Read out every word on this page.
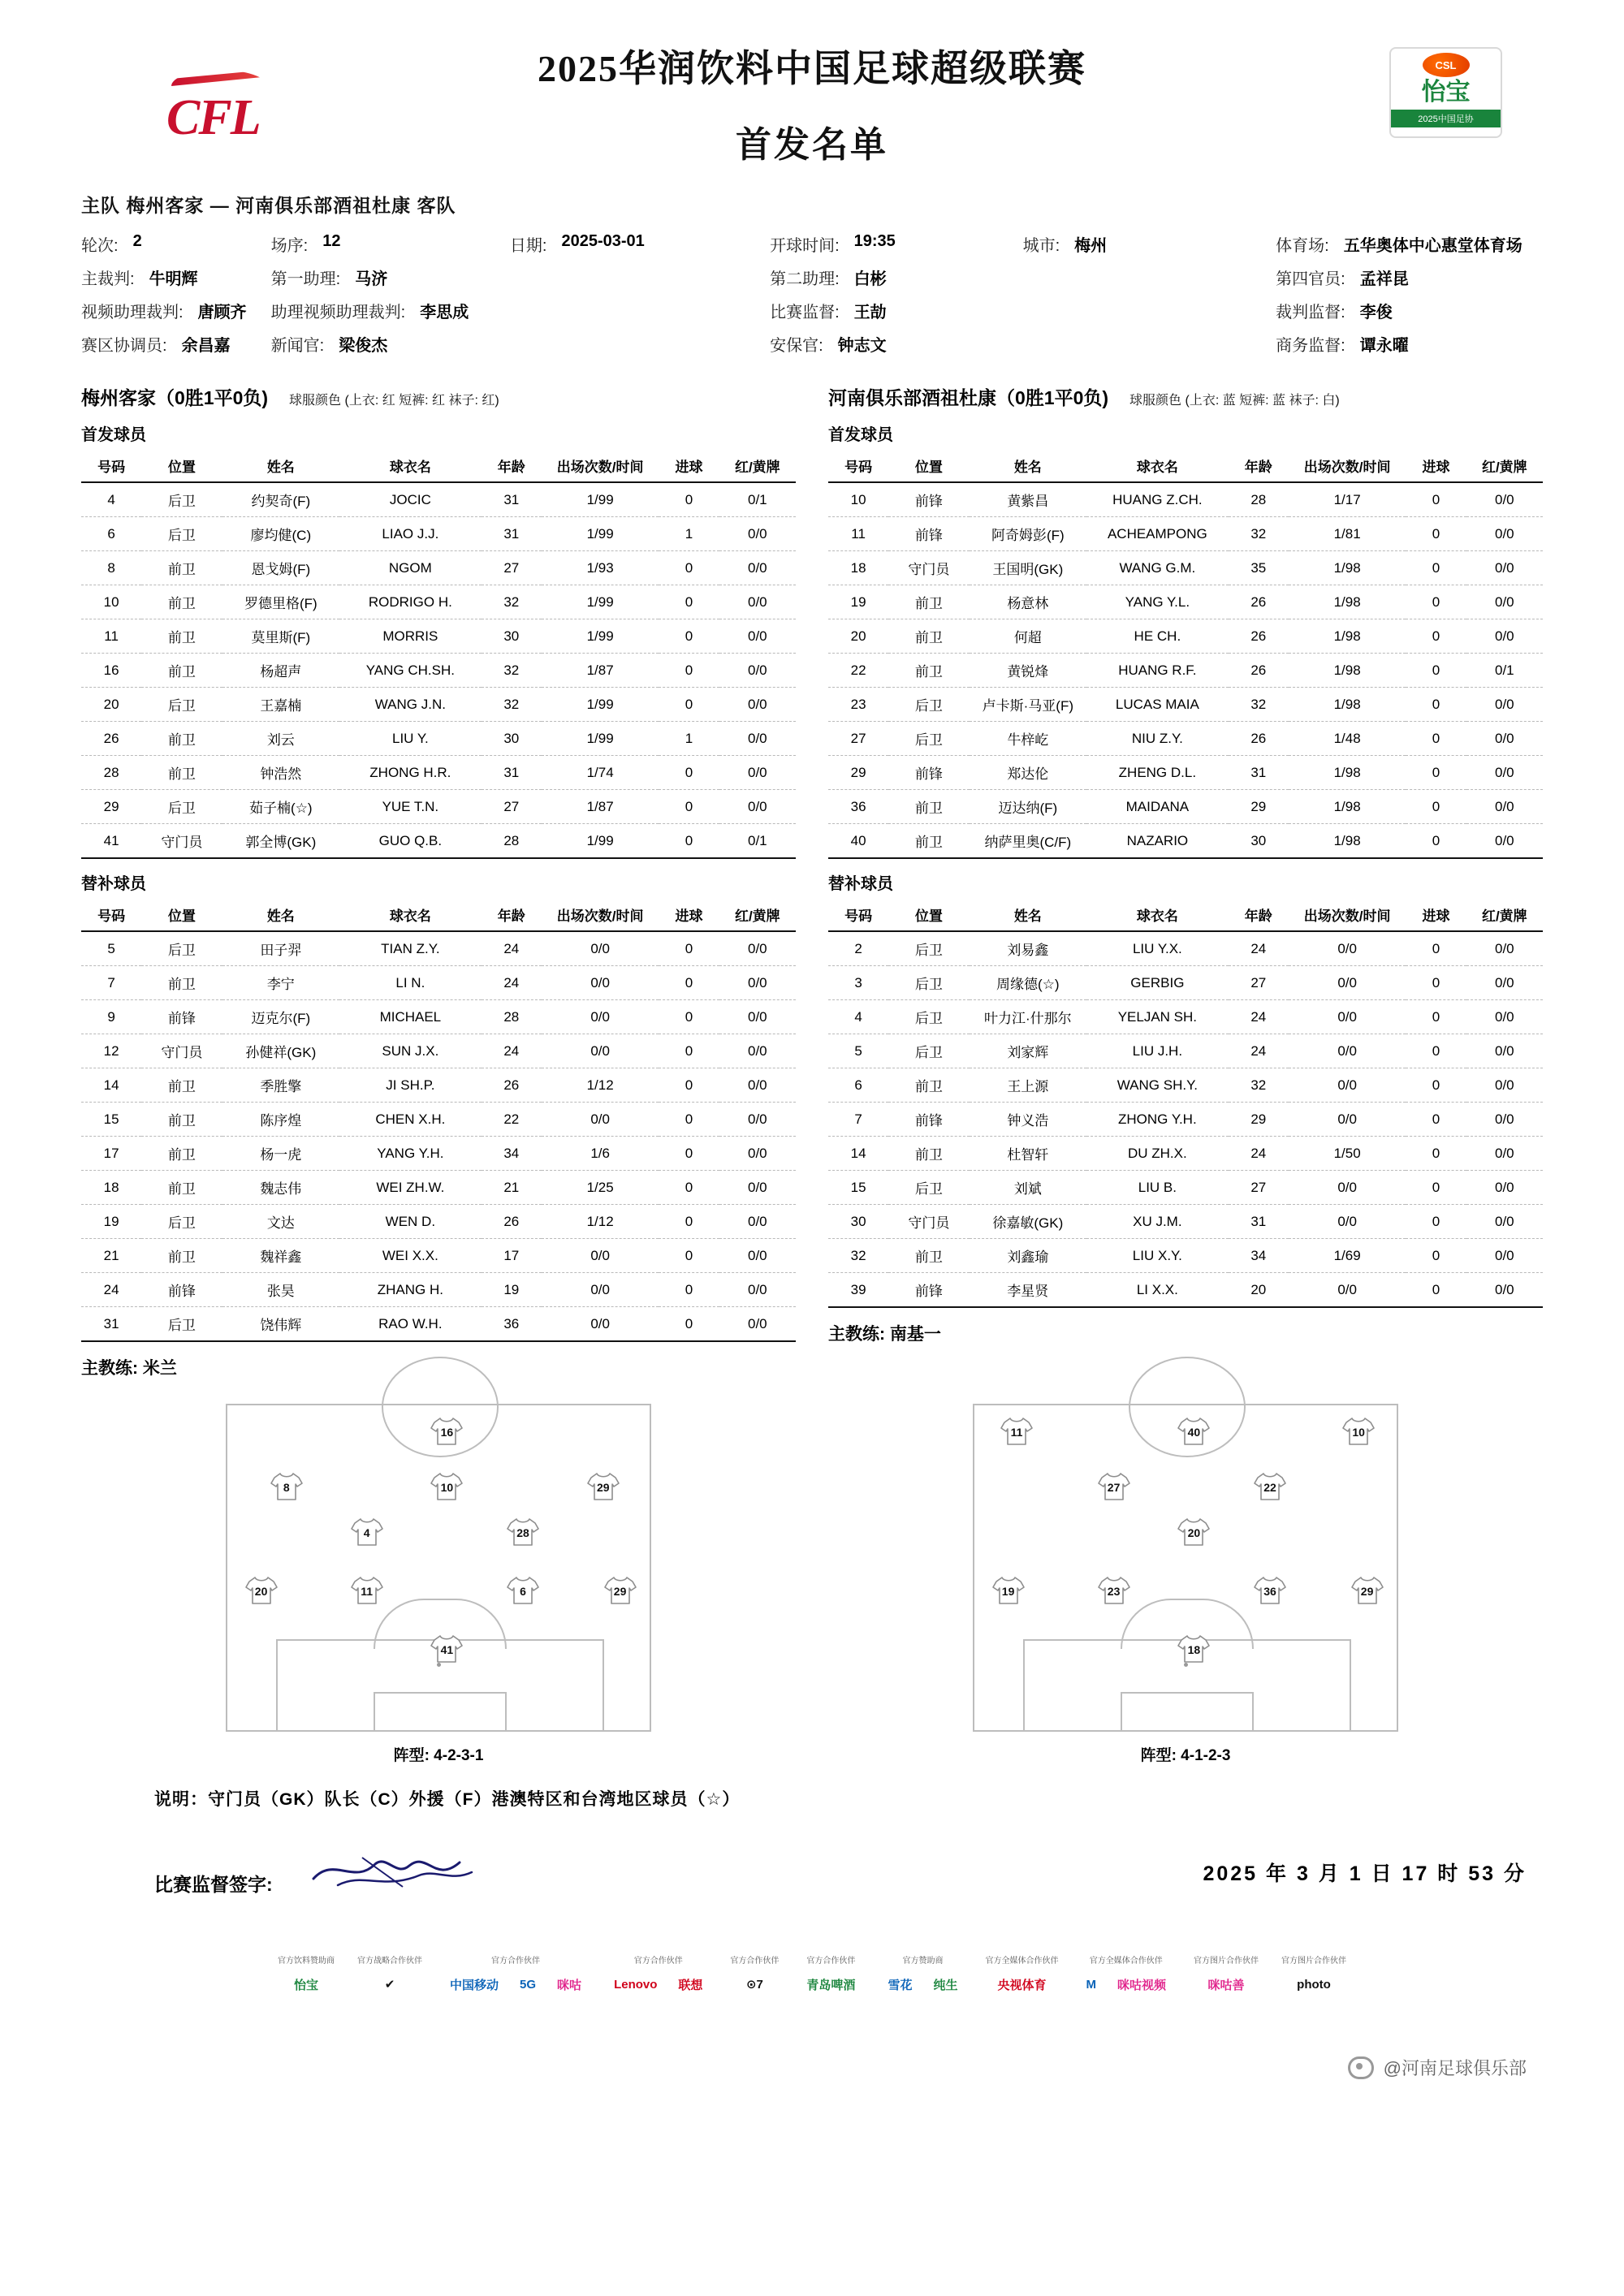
CFL
2025华润饮料中国足球超级联赛
首发名单
CSL
怡宝
2025中国足协
主队 梅州客家 — 河南俱乐部酒祖杜康 客队
轮次: 2	场序: 12	日期: 2025-03-01	开球时间: 19:35	城市: 梅州	体育场: 五华奥体中心惠堂体育场
主裁判: 牛明辉	第一助理: 马济	第二助理: 白彬	第四官员: 孟祥昆
视频助理裁判: 唐顾齐 助理视频助理裁判: 李思成	比赛监督: 王劼	裁判监督: 李俊
赛区协调员: 余昌嘉	新闻官: 梁俊杰	安保官: 钟志文	商务监督: 谭永曜
梅州客家（0胜1平0负) 球服颜色 (上衣: 红 短裤: 红 袜子: 红)
首发球员
号码	位置	姓名	球衣名	年龄	出场次数/时间	进球	红/黄牌
4	后卫	约契奇(F)	JOCIC	31	1/99	0	0/1
6	后卫	廖均健(C)	LIAO J.J.	31	1/99	1	0/0
8	前卫	恩戈姆(F)	NGOM	27	1/93	0	0/0
10	前卫	罗德里格(F)	RODRIGO H.	32	1/99	0	0/0
11	前卫	莫里斯(F)	MORRIS	30	1/99	0	0/0
16	前卫	杨超声	YANG CH.SH.	32	1/87	0	0/0
20	后卫	王嘉楠	WANG J.N.	32	1/99	0	0/0
26	前卫	刘云	LIU Y.	30	1/99	1	0/0
28	前卫	钟浩然	ZHONG H.R.	31	1/74	0	0/0
29	后卫	茹子楠(☆)	YUE T.N.	27	1/87	0	0/0
41	守门员	郭全博(GK)	GUO Q.B.	28	1/99	0	0/1
替补球员
号码	位置	姓名	球衣名	年龄	出场次数/时间	进球	红/黄牌
5	后卫	田子羿	TIAN Z.Y.	24	0/0	0	0/0
7	前卫	李宁	LI N.	24	0/0	0	0/0
9	前锋	迈克尔(F)	MICHAEL	28	0/0	0	0/0
12	守门员	孙健祥(GK)	SUN J.X.	24	0/0	0	0/0
14	前卫	季胜擎	JI SH.P.	26	1/12	0	0/0
15	前卫	陈序煌	CHEN X.H.	22	0/0	0	0/0
17	前卫	杨一虎	YANG Y.H.	34	1/6	0	0/0
18	前卫	魏志伟	WEI ZH.W.	21	1/25	0	0/0
19	后卫	文达	WEN D.	26	1/12	0	0/0
21	前卫	魏祥鑫	WEI X.X.	17	0/0	0	0/0
24	前锋	张昊	ZHANG H.	19	0/0	0	0/0
31	后卫	饶伟辉	RAO W.H.	36	0/0	0	0/0
主教练: 米兰
河南俱乐部酒祖杜康（0胜1平0负) 球服颜色 (上衣: 蓝 短裤: 蓝 袜子: 白)
首发球员
号码	位置	姓名	球衣名	年龄	出场次数/时间	进球	红/黄牌
10	前锋	黄紫昌	HUANG Z.CH.	28	1/17	0	0/0
11	前锋	阿奇姆彭(F)	ACHEAMPONG	32	1/81	0	0/0
18	守门员	王国明(GK)	WANG G.M.	35	1/98	0	0/0
19	前卫	杨意林	YANG Y.L.	26	1/98	0	0/0
20	前卫	何超	HE CH.	26	1/98	0	0/0
22	前卫	黄锐烽	HUANG R.F.	26	1/98	0	0/1
23	后卫	卢卡斯·马亚(F)	LUCAS MAIA	32	1/98	0	0/0
27	后卫	牛梓屹	NIU Z.Y.	26	1/48	0	0/0
29	前锋	郑达伦	ZHENG D.L.	31	1/98	0	0/0
36	前卫	迈达纳(F)	MAIDANA	29	1/98	0	0/0
40	前卫	纳萨里奥(C/F)	NAZARIO	30	1/98	0	0/0
替补球员
号码	位置	姓名	球衣名	年龄	出场次数/时间	进球	红/黄牌
2	后卫	刘易鑫	LIU Y.X.	24	0/0	0	0/0
3	后卫	周缘德(☆)	GERBIG	27	0/0	0	0/0
4	后卫	叶力江·什那尔	YELJAN SH.	24	0/0	0	0/0
5	后卫	刘家辉	LIU J.H.	24	0/0	0	0/0
6	前卫	王上源	WANG SH.Y.	32	0/0	0	0/0
7	前锋	钟义浩	ZHONG Y.H.	29	0/0	0	0/0
14	前卫	杜智轩	DU ZH.X.	24	1/50	0	0/0
15	后卫	刘斌	LIU B.	27	0/0	0	0/0
30	守门员	徐嘉敏(GK)	XU J.M.	31	0/0	0	0/0
32	前卫	刘鑫瑜	LIU X.Y.	34	1/69	0	0/0
39	前锋	李星贤	LI X.X.	20	0/0	0	0/0
主教练: 南基一
16
8	10	29
4	28
20	11	6	29
41
阵型: 4-2-3-1
11	40	10
27	22
20
19	23	36	29
18
阵型: 4-1-2-3
说明：守门员（GK）队长（C）外援（F）港澳特区和台湾地区球员（☆）
比赛监督签字:	2025 年 3 月 1 日 17 时 53 分
官方饮料赞助商
怡宝
官方战略合作伙伴
✔
官方合作伙伴
中国移动	5G	咪咕
官方合作伙伴
Lenovo	联想
官方合作伙伴
⊙7
官方合作伙伴
青岛啤酒
官方赞助商
雪花	纯生
官方全媒体合作伙伴
央视体育
官方全媒体合作伙伴
M	咪咕视频
官方图片合作伙伴
咪咕善
官方图片合作伙伴
photo
@河南足球俱乐部
